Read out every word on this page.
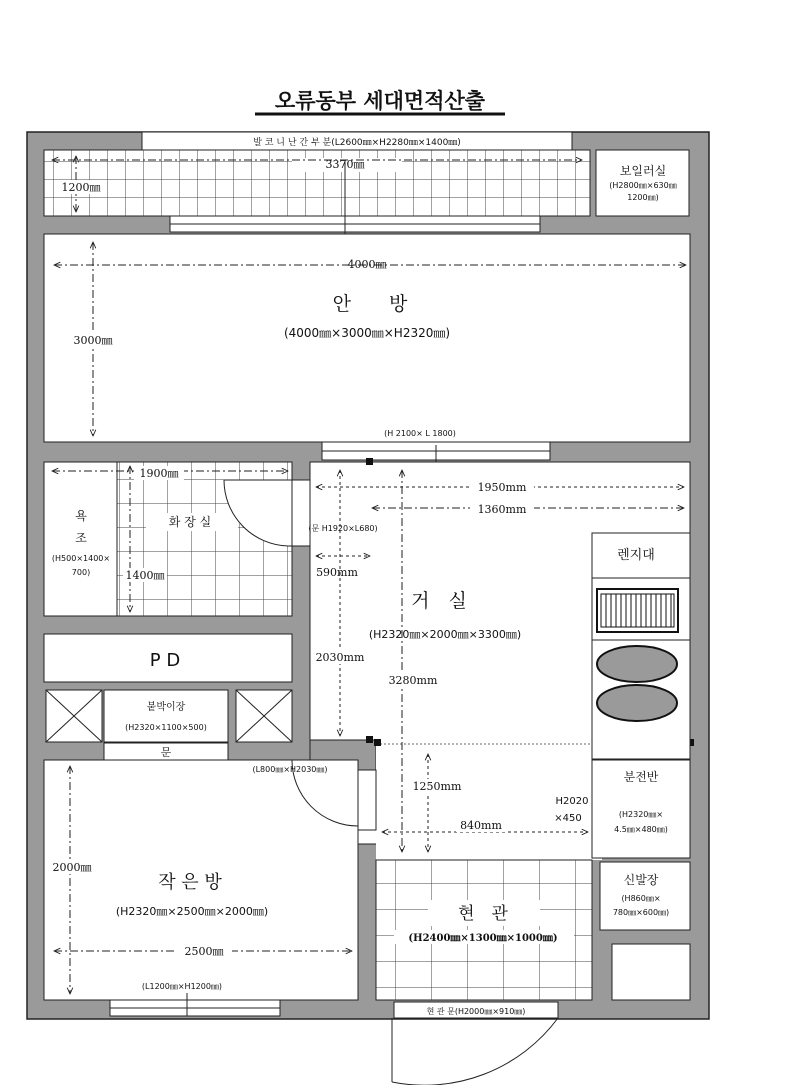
오류동부 세대면적산출
발 코 니 난 간 부 분(L2600㎜×H2280㎜×1400㎜)
3370㎜
1200㎜
보일러실
(H2800㎜×630㎜
1200㎜)
4000㎜
3000㎜
안　　방
(4000㎜×3000㎜×H2320㎜)
(H 2100× L 1800)
욕
조
(H500×1400×
700)
1900㎜
1400㎜
화 장 실
P D
붙박이장
(H2320×1100×500)
문
1950mm
1360mm
(문 H1920×L680)
590mm
2030mm
3280mm
거　실
(H2320㎜×2000㎜×3300㎜)
1250mm
840mm
H2020
×450
렌지대
(L800㎜×H2030㎜)
2000㎜
2500㎜
작 은 방
(H2320㎜×2500㎜×2000㎜)
(L1200㎜×H1200㎜)
분전반
(H2320㎜×
4.5㎜×480㎜)
신발장
(H860㎜×
780㎜×600㎜)
현　관
(H2400㎜×1300㎜×1000㎜)
현 관 문(H2000㎜×910㎜)
